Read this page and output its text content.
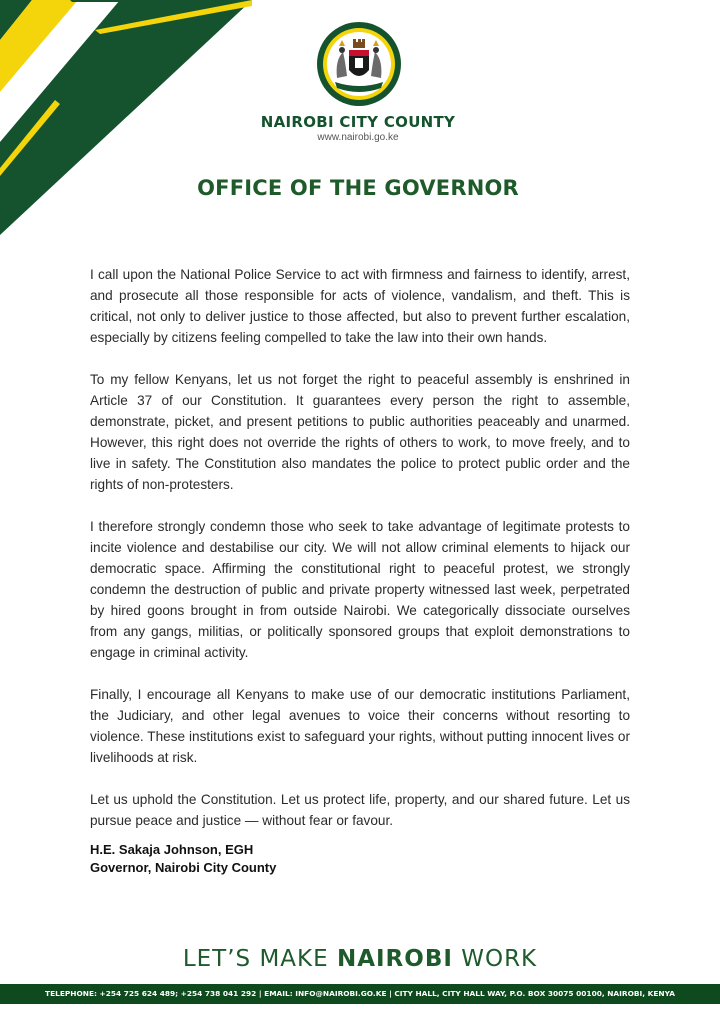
NAIROBI CITY COUNTY
www.nairobi.go.ke
OFFICE OF THE GOVERNOR

I call upon the National Police Service to act with firmness and fairness to identify, arrest, and prosecute all those responsible for acts of violence, vandalism, and theft. This is critical, not only to deliver justice to those affected, but also to prevent further escalation, especially by citizens feeling compelled to take the law into their own hands.

To my fellow Kenyans, let us not forget the right to peaceful assembly is enshrined in Article 37 of our Constitution. It guarantees every person the right to assemble, demonstrate, picket, and present petitions to public authorities peaceably and unarmed. However, this right does not override the rights of others to work, to move freely, and to live in safety. The Constitution also mandates the police to protect public order and the rights of non-protesters.

I therefore strongly condemn those who seek to take advantage of legitimate protests to incite violence and destabilise our city. We will not allow criminal elements to hijack our democratic space. Affirming the constitutional right to peaceful protest, we strongly condemn the destruction of public and private property witnessed last week, perpetrated by hired goons brought in from outside Nairobi. We categorically dissociate ourselves from any gangs, militias, or politically sponsored groups that exploit demonstrations to engage in criminal activity.

Finally, I encourage all Kenyans to make use of our democratic institutions Parliament, the Judiciary, and other legal avenues to voice their concerns without resorting to violence. These institutions exist to safeguard your rights, without putting innocent lives or livelihoods at risk.

Let us uphold the Constitution. Let us protect life, property, and our shared future. Let us pursue peace and justice — without fear or favour.

H.E. Sakaja Johnson, EGH
Governor, Nairobi City County
LET’S MAKE NAIROBI WORK
TELEPHONE: +254 725 624 489; +254 738 041 292 | EMAIL: INFO@NAIROBI.GO.KE | CITY HALL, CITY HALL WAY, P.O. BOX 30075 00100, NAIROBI, KENYA
